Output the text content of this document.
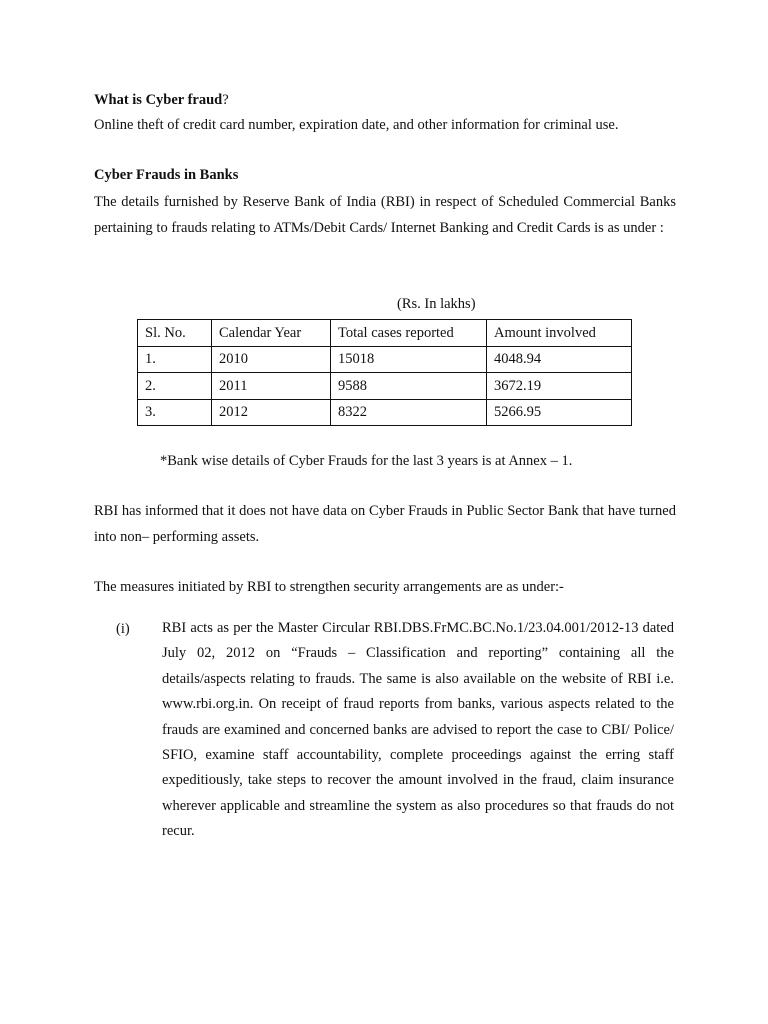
What is Cyber fraud?

Online theft of credit card number, expiration date, and other information for criminal use.

Cyber Frauds in Banks

The details furnished by Reserve Bank of India (RBI) in respect of Scheduled Commercial Banks pertaining to frauds relating to ATMs/Debit Cards/ Internet Banking and Credit Cards is as under :

(Rs. In lakhs)
Sl. No.	Calendar Year	Total cases reported	Amount involved
1.	2010	15018	4048.94
2.	2011	9588	3672.19
3.	2012	8322	5266.95
*Bank wise details of Cyber Frauds for the last 3 years is at Annex – 1.

RBI has informed that it does not have data on Cyber Frauds in Public Sector Bank that have turned into non– performing assets.

The measures initiated by RBI to strengthen security arrangements are as under:-

(i) RBI acts as per the Master Circular RBI.DBS.FrMC.BC.No.1/23.04.001/2012-13 dated July 02, 2012 on “Frauds – Classification and reporting” containing all the details/aspects relating to frauds. The same is also available on the website of RBI i.e. www.rbi.org.in. On receipt of fraud reports from banks, various aspects related to the frauds are examined and concerned banks are advised to report the case to CBI/ Police/ SFIO, examine staff accountability, complete proceedings against the erring staff expeditiously, take steps to recover the amount involved in the fraud, claim insurance wherever applicable and streamline the system as also procedures so that frauds do not recur.
